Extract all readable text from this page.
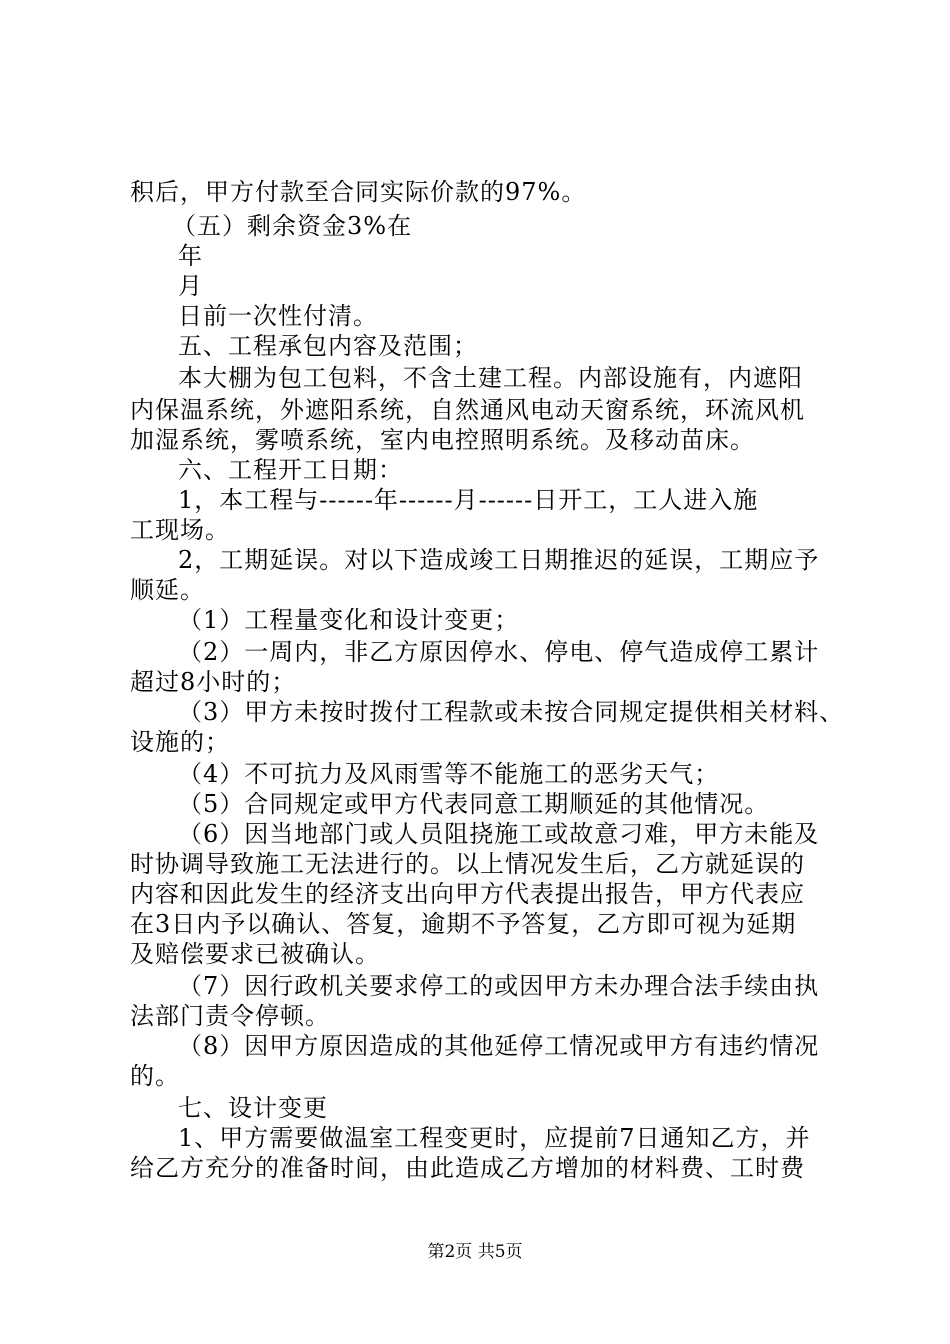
积后，甲方付款至合同实际价款的97%。
（五）剩余资金3%在
年
月
日前一次性付清。
五、工程承包内容及范围；
本大棚为包工包料，不含土建工程。内部设施有，内遮阳
内保温系统，外遮阳系统，自然通风电动天窗系统，环流风机
加湿系统，雾喷系统，室内电控照明系统。及移动苗床。
六、工程开工日期：
1，本工程与------年------月------日开工，工人进入施
工现场。
2，工期延误。对以下造成竣工日期推迟的延误，工期应予
顺延。
（1）工程量变化和设计变更；
（2）一周内，非乙方原因停水、停电、停气造成停工累计
超过8小时的；
（3）甲方未按时拨付工程款或未按合同规定提供相关材料、
设施的；
（4）不可抗力及风雨雪等不能施工的恶劣天气；
（5）合同规定或甲方代表同意工期顺延的其他情况。
（6）因当地部门或人员阻挠施工或故意刁难，甲方未能及
时协调导致施工无法进行的。以上情况发生后，乙方就延误的
内容和因此发生的经济支出向甲方代表提出报告，甲方代表应
在3日内予以确认、答复，逾期不予答复，乙方即可视为延期
及赔偿要求已被确认。
（7）因行政机关要求停工的或因甲方未办理合法手续由执
法部门责令停顿。
（8）因甲方原因造成的其他延停工情况或甲方有违约情况
的。
七、设计变更
1、甲方需要做温室工程变更时，应提前7日通知乙方，并
给乙方充分的准备时间，由此造成乙方增加的材料费、工时费
第2页 共5页
